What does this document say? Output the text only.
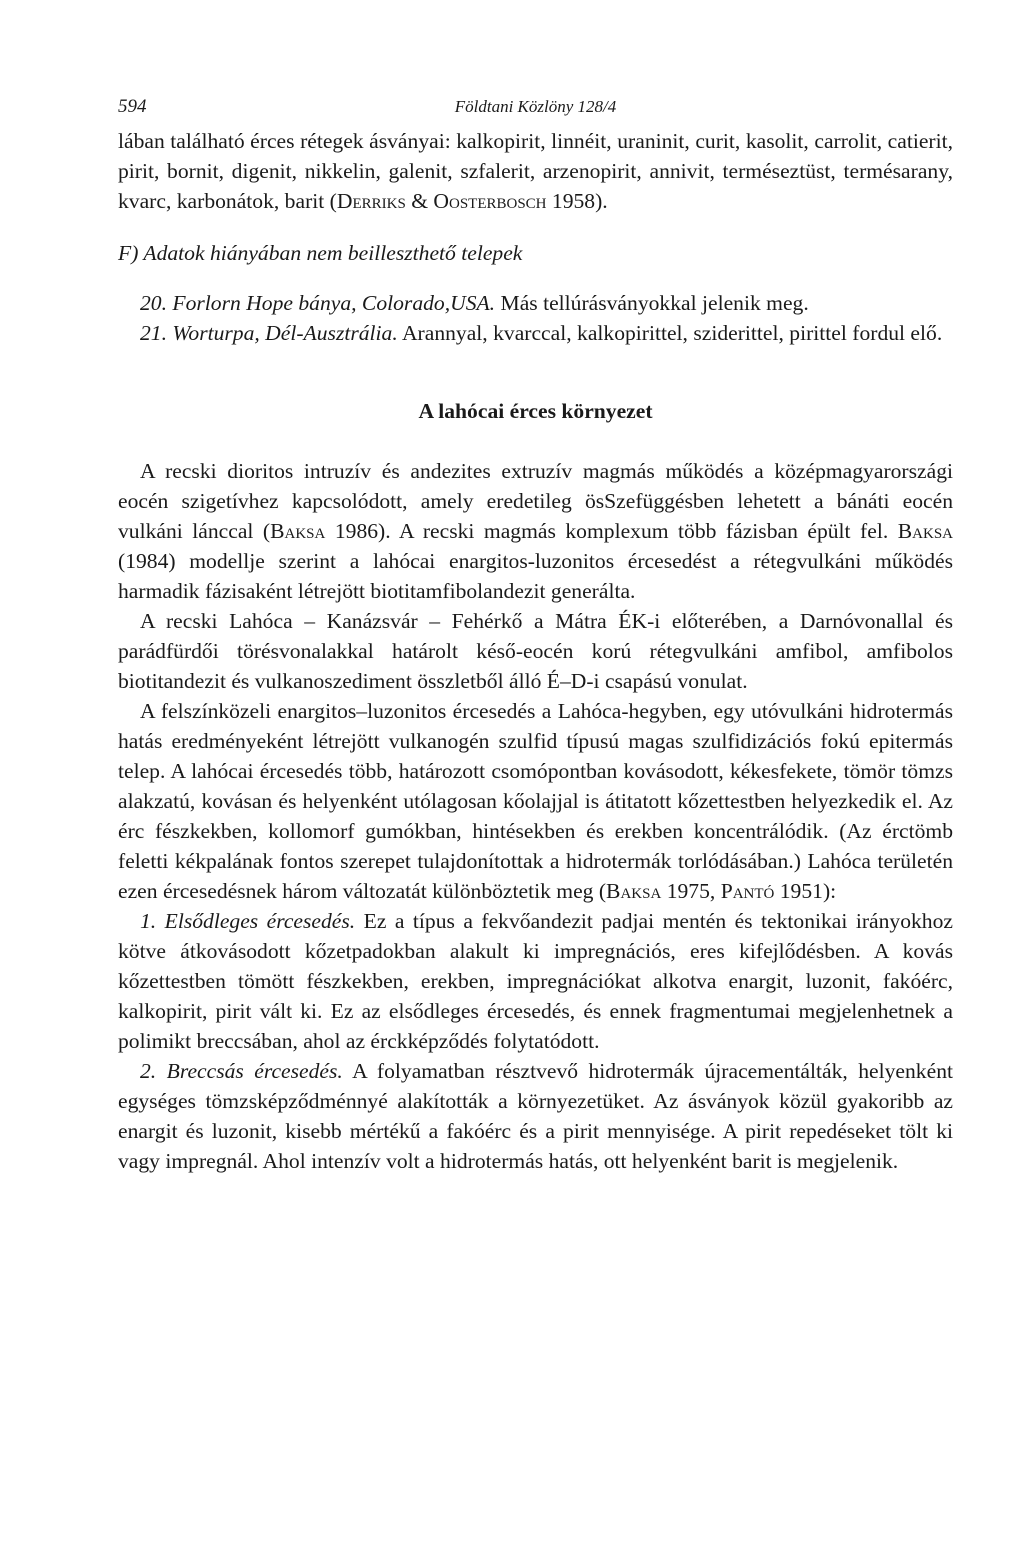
594	Földtani Közlöny 128/4

lában található érces rétegek ásványai: kalkopirit, linnéit, uraninit, curit, kasolit, carrolit, catierit, pirit, bornit, digenit, nikkelin, galenit, szfalerit, arzenopirit, annivit, terméseztüst, termésarany, kvarc, karbonátok, barit (Derriks & Oosterbosch 1958).

F) Adatok hiányában nem beilleszthető telepek

20. Forlorn Hope bánya, Colorado,USA. Más tellúrásványokkal jelenik meg.

21. Worturpa, Dél-Ausztrália. Arannyal, kvarccal, kalkopirittel, sziderittel, pirittel fordul elő.

A lahócai érces környezet

A recski dioritos intruzív és andezites extruzív magmás működés a középmagyarországi eocén szigetívhez kapcsolódott, amely eredetileg ösSzefüggésben lehetett a bánáti eocén vulkáni lánccal (Baksa 1986). A recski magmás komplexum több fázisban épült fel. Baksa (1984) modellje szerint a lahócai enargitos-luzonitos ércesedést a rétegvulkáni működés harmadik fázisaként létrejött biotitamfibolandezit generálta.

A recski Lahóca – Kanázsvár – Fehérkő a Mátra ÉK-i előterében, a Darnóvonallal és parádfürdői törésvonalakkal határolt késő-eocén korú rétegvulkáni amfibol, amfibolos biotitandezit és vulkanoszediment összletből álló É–D-i csapású vonulat.

A felszínközeli enargitos–luzonitos ércesedés a Lahóca-hegyben, egy utóvulkáni hidrotermás hatás eredményeként létrejött vulkanogén szulfid típusú magas szulfidizációs fokú epitermás telep. A lahócai ércesedés több, határozott csomópontban kovásodott, kékesfekete, tömör tömzs alakzatú, kovásan és helyenként utólagosan kőolajjal is átitatott kőzettestben helyezkedik el. Az érc fészkekben, kollomorf gumókban, hintésekben és erekben koncentrálódik. (Az érctömb feletti kékpalának fontos szerepet tulajdonítottak a hidrotermák torlódásában.) Lahóca területén ezen ércesedésnek három változatát különböztetik meg (Baksa 1975, Pantó 1951):

1. Elsődleges ércesedés. Ez a típus a fekvőandezit padjai mentén és tektonikai irányokhoz kötve átkovásodott kőzetpadokban alakult ki impregnációs, eres kifejlődésben. A kovás kőzettestben tömött fészkekben, erekben, impregnációkat alkotva enargit, luzonit, fakóérc, kalkopirit, pirit vált ki. Ez az elsődleges ércesedés, és ennek fragmentumai megjelenhetnek a polimikt breccsában, ahol az érckképződés folytatódott.

2. Breccsás ércesedés. A folyamatban résztvevő hidrotermák újracementálták, helyenként egységes tömzsképződménnyé alakították a környezetüket. Az ásványok közül gyakoribb az enargit és luzonit, kisebb mértékű a fakóérc és a pirit mennyisége. A pirit repedéseket tölt ki vagy impregnál. Ahol intenzív volt a hidrotermás hatás, ott helyenként barit is megjelenik.
